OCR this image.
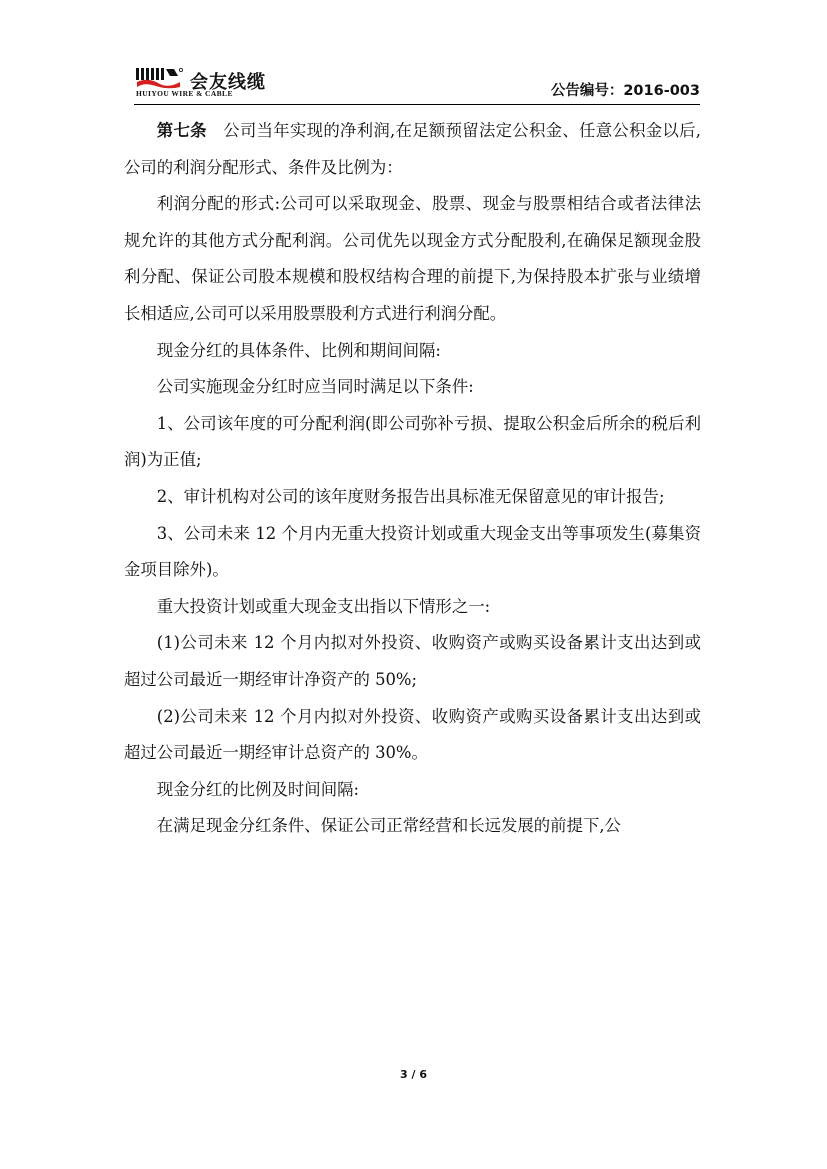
会友线缆
HUIYOU WIRE & CABLE	公告编号：2016-003

第七条 公司当年实现的净利润,在足额预留法定公积金、任意公积金以后,公司的利润分配形式、条件及比例为：

利润分配的形式:公司可以采取现金、股票、现金与股票相结合或者法律法规允许的其他方式分配利润。公司优先以现金方式分配股利,在确保足额现金股利分配、保证公司股本规模和股权结构合理的前提下,为保持股本扩张与业绩增长相适应,公司可以采用股票股利方式进行利润分配。

现金分红的具体条件、比例和期间间隔:

公司实施现金分红时应当同时满足以下条件:

1、公司该年度的可分配利润(即公司弥补亏损、提取公积金后所余的税后利润)为正值;

2、审计机构对公司的该年度财务报告出具标准无保留意见的审计报告;

3、公司未来 12 个月内无重大投资计划或重大现金支出等事项发生(募集资金项目除外)。

重大投资计划或重大现金支出指以下情形之一:

(1)公司未来 12 个月内拟对外投资、收购资产或购买设备累计支出达到或超过公司最近一期经审计净资产的 50%;

(2)公司未来 12 个月内拟对外投资、收购资产或购买设备累计支出达到或超过公司最近一期经审计总资产的 30%。

现金分红的比例及时间间隔:

在满足现金分红条件、保证公司正常经营和长远发展的前提下,公

3 / 6
